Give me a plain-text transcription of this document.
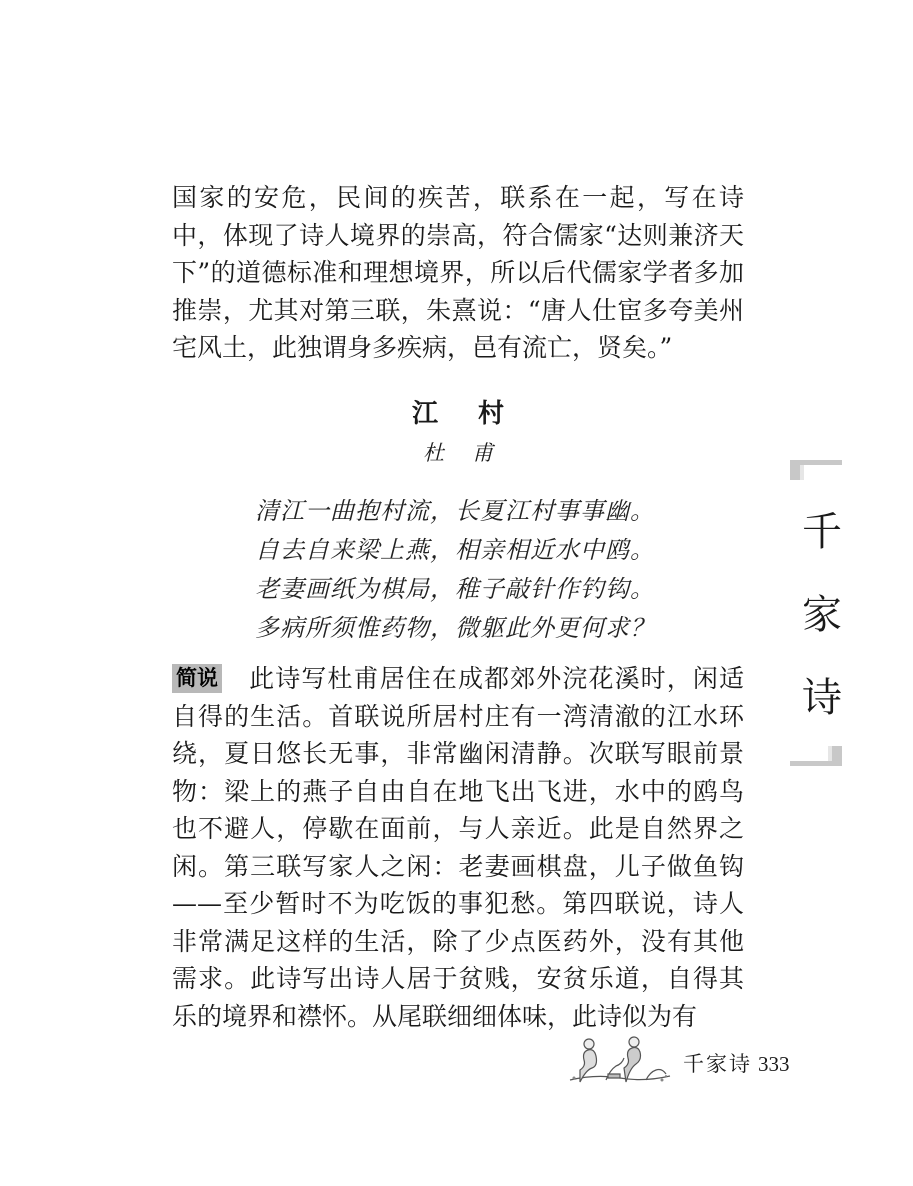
国家的安危，民间的疾苦，联系在一起，写在诗中，体现了诗人境界的崇高，符合儒家“达则兼济天下”的道德标准和理想境界，所以后代儒家学者多加推崇，尤其对第三联，朱熹说：“唐人仕宦多夸美州宅风土，此独谓身多疾病，邑有流亡，贤矣。”

江村
杜甫
清江一曲抱村流，长夏江村事事幽。
自去自来梁上燕，相亲相近水中鸥。
老妻画纸为棋局，稚子敲针作钓钩。
多病所须惟药物，微躯此外更何求？

简说 此诗写杜甫居住在成都郊外浣花溪时，闲适自得的生活。首联说所居村庄有一湾清澈的江水环绕，夏日悠长无事，非常幽闲清静。次联写眼前景物：梁上的燕子自由自在地飞出飞进，水中的鸥鸟也不避人，停歇在面前，与人亲近。此是自然界之闲。第三联写家人之闲：老妻画棋盘，儿子做鱼钩——至少暂时不为吃饭的事犯愁。第四联说，诗人非常满足这样的生活，除了少点医药外，没有其他需求。此诗写出诗人居于贫贱，安贫乐道，自得其乐的境界和襟怀。从尾联细细体味，此诗似为有

千
家
诗
千家诗 333
